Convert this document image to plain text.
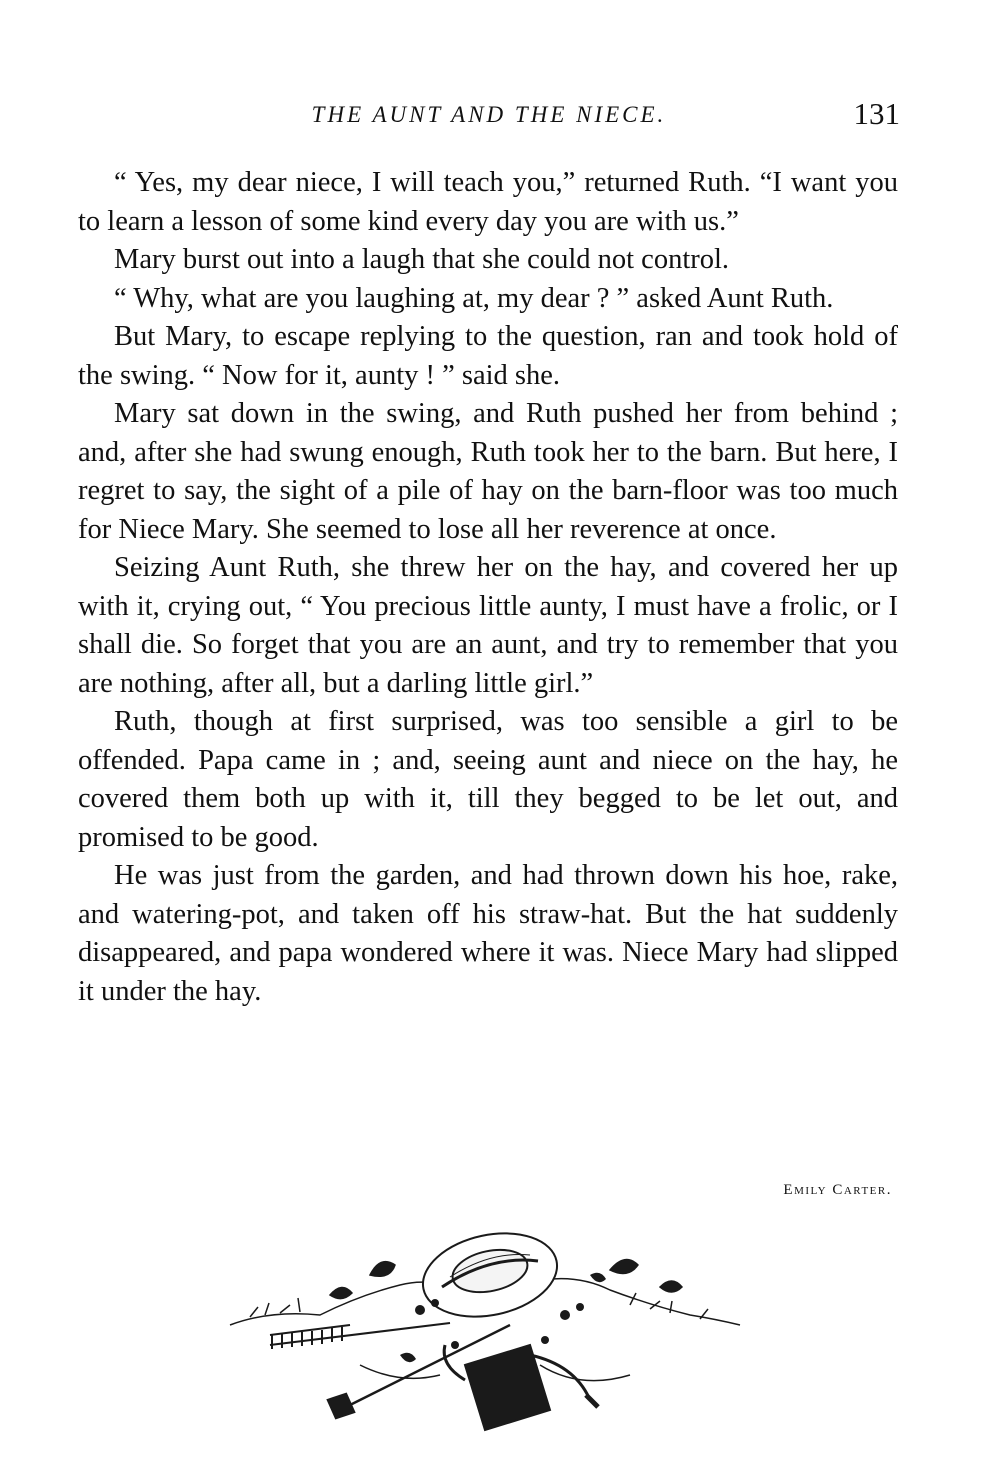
THE AUNT AND THE NIECE.	131

“ Yes, my dear niece, I will teach you,” returned Ruth. “I want you to learn a lesson of some kind every day you are with us.”

Mary burst out into a laugh that she could not control.

“ Why, what are you laughing at, my dear ? ” asked Aunt Ruth.

But Mary, to escape replying to the question, ran and took hold of the swing. “ Now for it, aunty ! ” said she.

Mary sat down in the swing, and Ruth pushed her from behind ; and, after she had swung enough, Ruth took her to the barn. But here, I regret to say, the sight of a pile of hay on the barn-floor was too much for Niece Mary. She seemed to lose all her reverence at once.

Seizing Aunt Ruth, she threw her on the hay, and covered her up with it, crying out, “ You precious little aunty, I must have a frolic, or I shall die. So forget that you are an aunt, and try to remember that you are nothing, after all, but a darling little girl.”

Ruth, though at first surprised, was too sensible a girl to be offended. Papa came in ; and, seeing aunt and niece on the hay, he covered them both up with it, till they begged to be let out, and promised to be good.

He was just from the garden, and had thrown down his hoe, rake, and watering-pot, and taken off his straw-hat. But the hat suddenly disappeared, and papa wondered where it was. Niece Mary had slipped it under the hay.

Emily Carter.
